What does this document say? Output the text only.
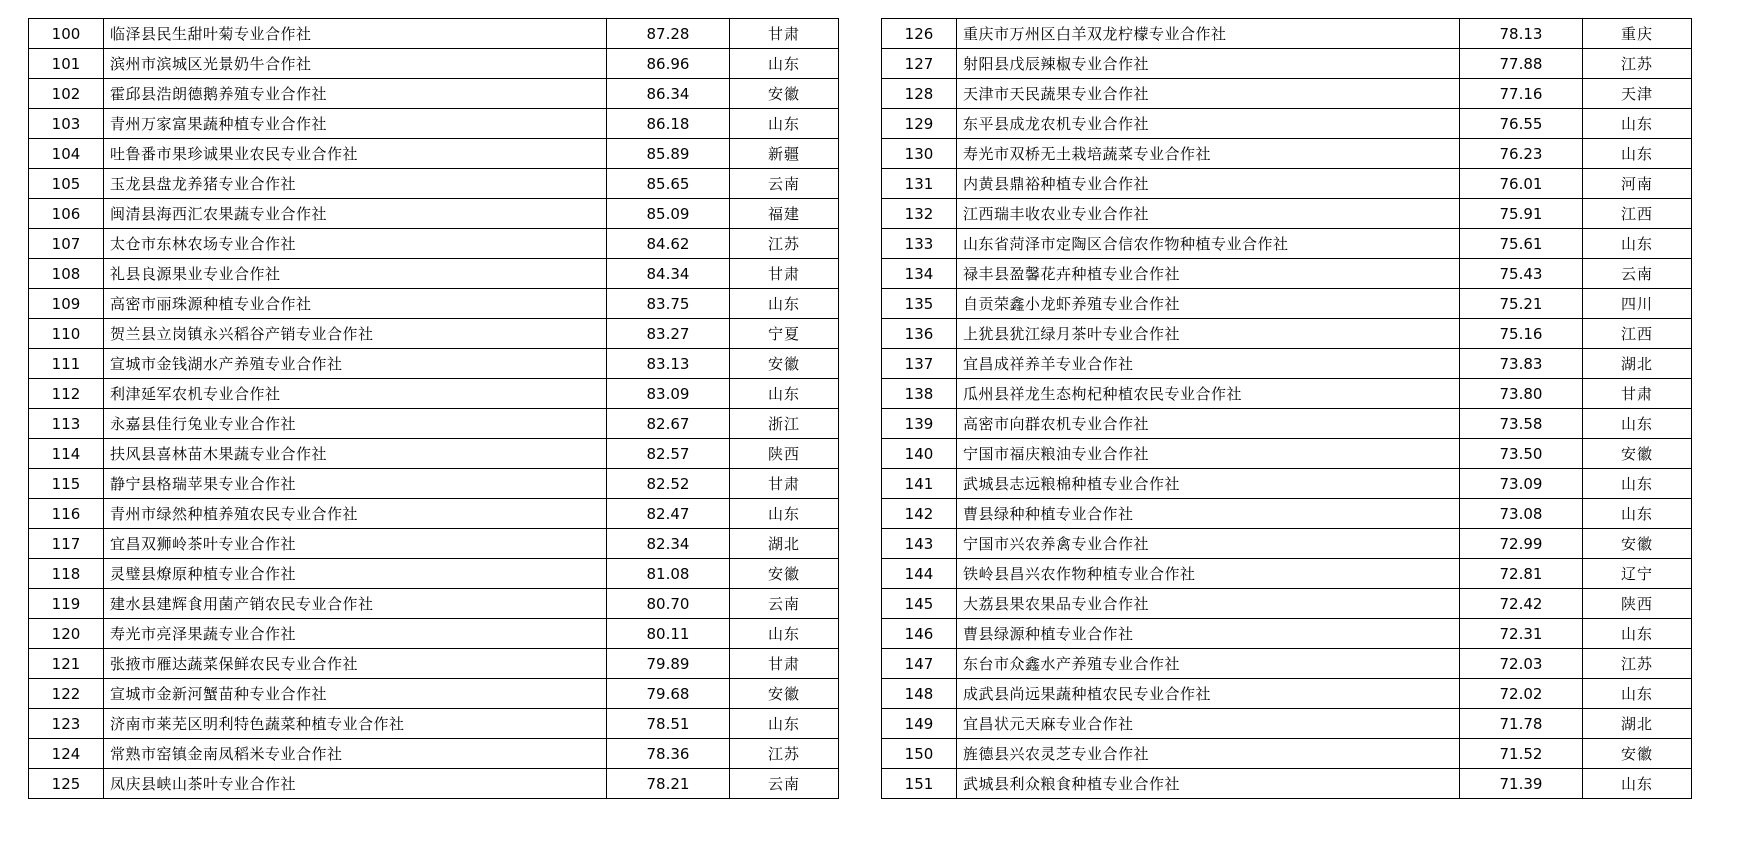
100	临泽县民生甜叶菊专业合作社	87.28	甘肃
101	滨州市滨城区光景奶牛合作社	86.96	山东
102	霍邱县浩朗德鹅养殖专业合作社	86.34	安徽
103	青州万家富果蔬种植专业合作社	86.18	山东
104	吐鲁番市果珍诚果业农民专业合作社	85.89	新疆
105	玉龙县盘龙养猪专业合作社	85.65	云南
106	闽清县海西汇农果蔬专业合作社	85.09	福建
107	太仓市东林农场专业合作社	84.62	江苏
108	礼县良源果业专业合作社	84.34	甘肃
109	高密市丽珠源种植专业合作社	83.75	山东
110	贺兰县立岗镇永兴稻谷产销专业合作社	83.27	宁夏
111	宣城市金钱湖水产养殖专业合作社	83.13	安徽
112	利津延军农机专业合作社	83.09	山东
113	永嘉县佳行兔业专业合作社	82.67	浙江
114	扶风县喜林苗木果蔬专业合作社	82.57	陕西
115	静宁县格瑞苹果专业合作社	82.52	甘肃
116	青州市绿然种植养殖农民专业合作社	82.47	山东
117	宜昌双狮岭茶叶专业合作社	82.34	湖北
118	灵璧县燎原种植专业合作社	81.08	安徽
119	建水县建辉食用菌产销农民专业合作社	80.70	云南
120	寿光市亮泽果蔬专业合作社	80.11	山东
121	张掖市雁达蔬菜保鲜农民专业合作社	79.89	甘肃
122	宣城市金新河蟹苗种专业合作社	79.68	安徽
123	济南市莱芜区明利特色蔬菜种植专业合作社	78.51	山东
124	常熟市窑镇金南凤稻米专业合作社	78.36	江苏
125	凤庆县峡山茶叶专业合作社	78.21	云南
126	重庆市万州区白羊双龙柠檬专业合作社	78.13	重庆
127	射阳县戊辰辣椒专业合作社	77.88	江苏
128	天津市天民蔬果专业合作社	77.16	天津
129	东平县成龙农机专业合作社	76.55	山东
130	寿光市双桥无土栽培蔬菜专业合作社	76.23	山东
131	内黄县鼎裕种植专业合作社	76.01	河南
132	江西瑞丰收农业专业合作社	75.91	江西
133	山东省菏泽市定陶区合信农作物种植专业合作社	75.61	山东
134	禄丰县盈馨花卉种植专业合作社	75.43	云南
135	自贡荣鑫小龙虾养殖专业合作社	75.21	四川
136	上犹县犹江绿月茶叶专业合作社	75.16	江西
137	宜昌成祥养羊专业合作社	73.83	湖北
138	瓜州县祥龙生态枸杞种植农民专业合作社	73.80	甘肃
139	高密市向群农机专业合作社	73.58	山东
140	宁国市福庆粮油专业合作社	73.50	安徽
141	武城县志远粮棉种植专业合作社	73.09	山东
142	曹县绿种种植专业合作社	73.08	山东
143	宁国市兴农养禽专业合作社	72.99	安徽
144	铁岭县昌兴农作物种植专业合作社	72.81	辽宁
145	大荔县果农果品专业合作社	72.42	陕西
146	曹县绿源种植专业合作社	72.31	山东
147	东台市众鑫水产养殖专业合作社	72.03	江苏
148	成武县尚远果蔬种植农民专业合作社	72.02	山东
149	宜昌状元天麻专业合作社	71.78	湖北
150	旌德县兴农灵芝专业合作社	71.52	安徽
151	武城县利众粮食种植专业合作社	71.39	山东
